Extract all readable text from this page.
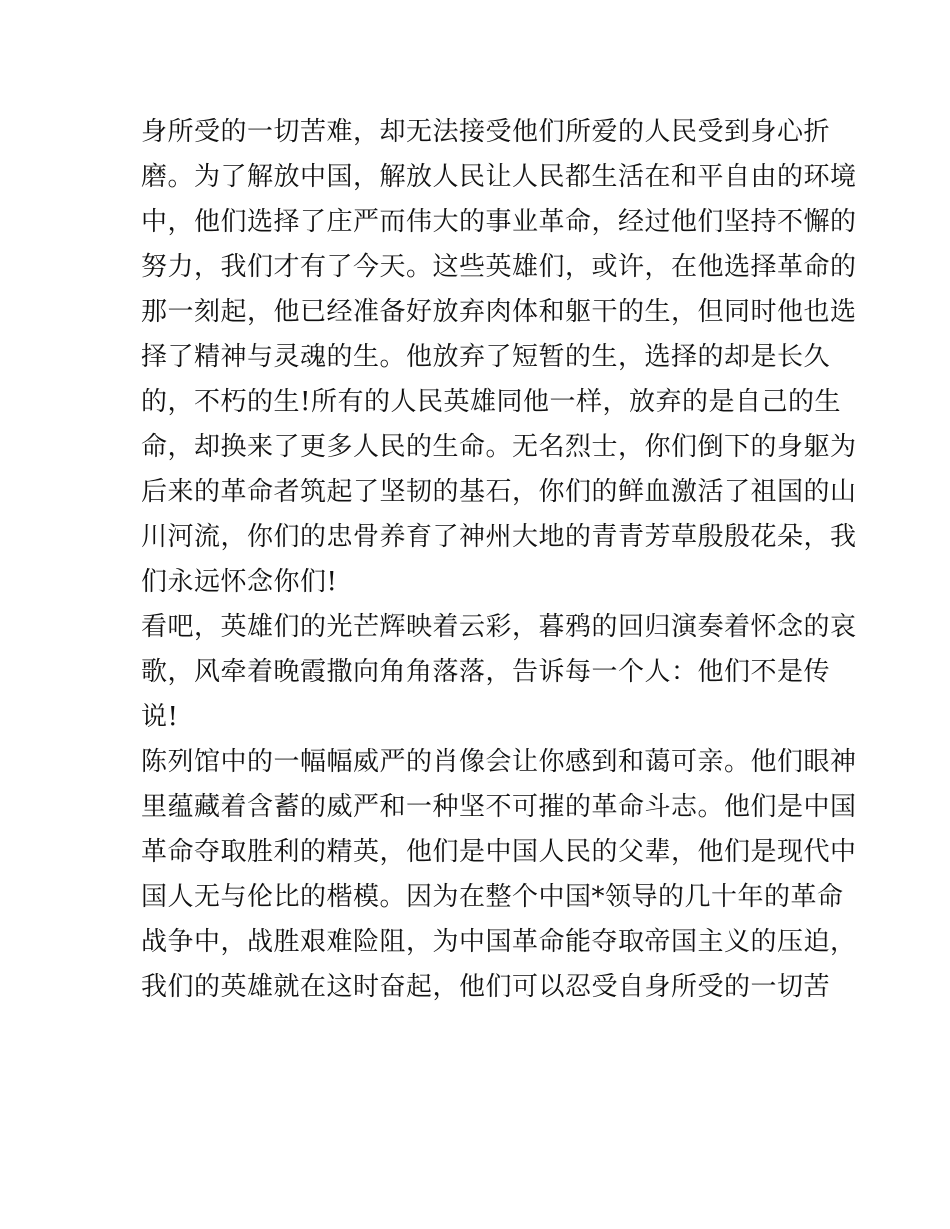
身所受的一切苦难，却无法接受他们所爱的人民受到身心折
磨。为了解放中国，解放人民让人民都生活在和平自由的环境
中，他们选择了庄严而伟大的事业革命，经过他们坚持不懈的
努力，我们才有了今天。这些英雄们，或许，在他选择革命的
那一刻起，他已经准备好放弃肉体和躯干的生，但同时他也选
择了精神与灵魂的生。他放弃了短暂的生，选择的却是长久
的，不朽的生!所有的人民英雄同他一样，放弃的是自己的生
命，却换来了更多人民的生命。无名烈士，你们倒下的身躯为
后来的革命者筑起了坚韧的基石，你们的鲜血激活了祖国的山
川河流，你们的忠骨养育了神州大地的青青芳草殷殷花朵，我
们永远怀念你们!
看吧，英雄们的光芒辉映着云彩，暮鸦的回归演奏着怀念的哀
歌，风牵着晚霞撒向角角落落，告诉每一个人：他们不是传
说!
陈列馆中的一幅幅威严的肖像会让你感到和蔼可亲。他们眼神
里蕴藏着含蓄的威严和一种坚不可摧的革命斗志。他们是中国
革命夺取胜利的精英，他们是中国人民的父辈，他们是现代中
国人无与伦比的楷模。因为在整个中国*领导的几十年的革命
战争中，战胜艰难险阻，为中国革命能夺取帝国主义的压迫，
我们的英雄就在这时奋起，他们可以忍受自身所受的一切苦
